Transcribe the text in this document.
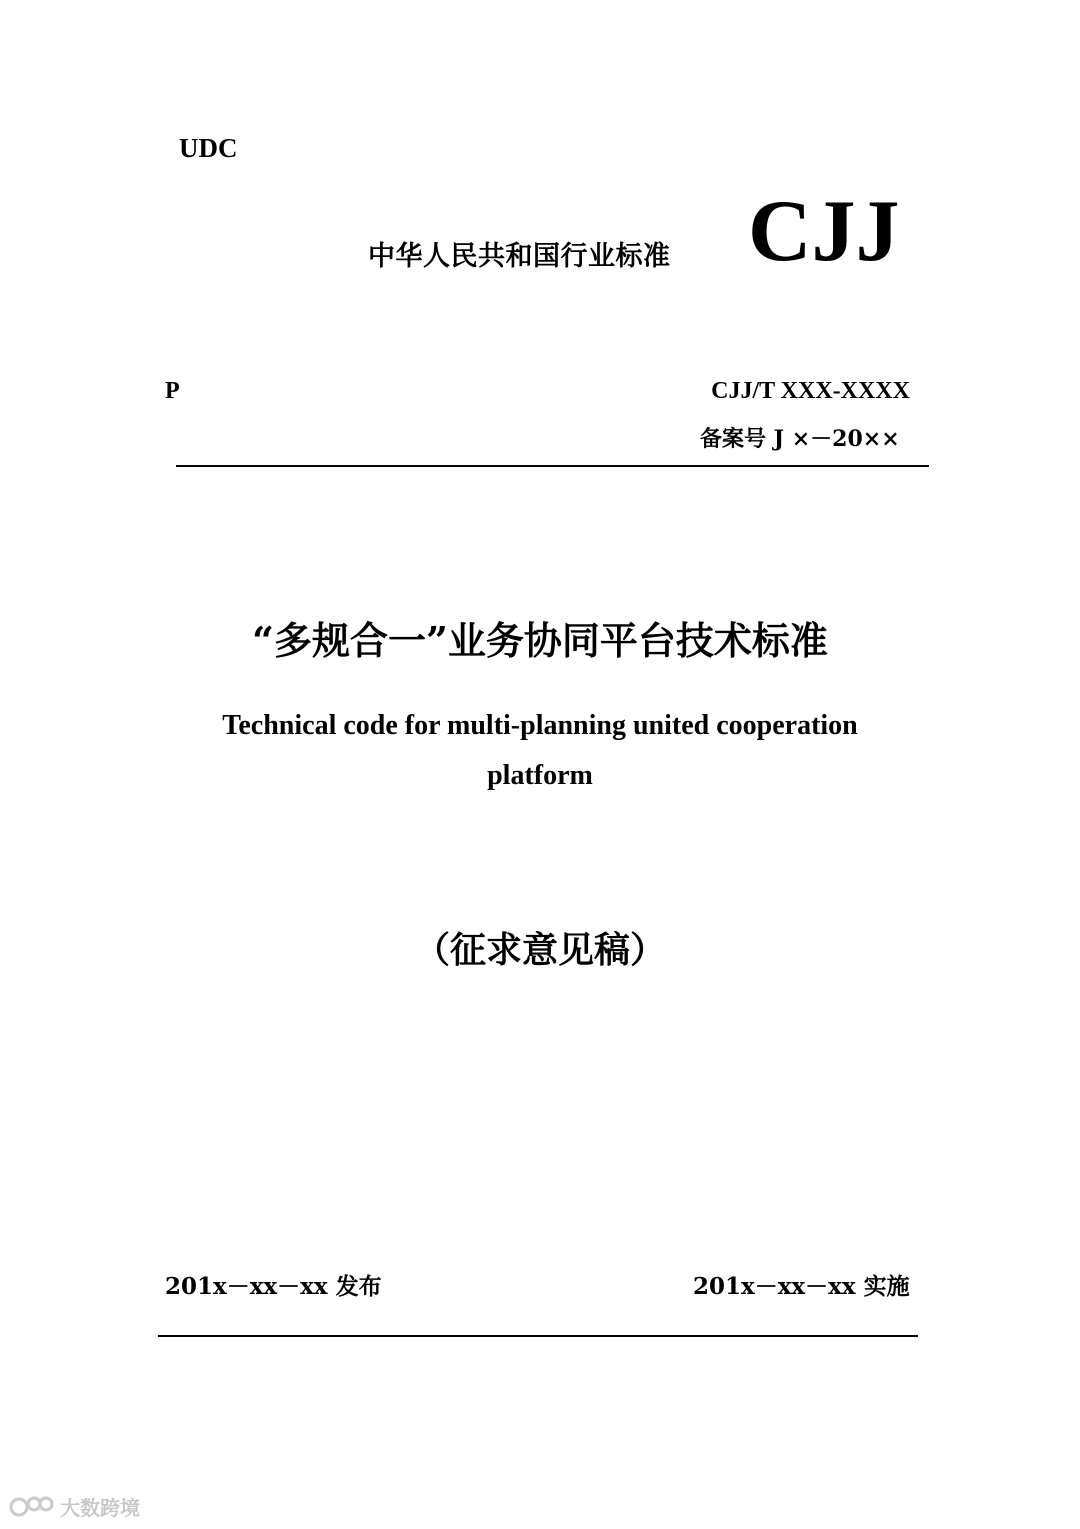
UDC
中华人民共和国行业标准 CJJ
P	CJJ/T XXX-XXXX
备案号 J ×－20××
“多规合一”业务协同平台技术标准
Technical code for multi-planning united cooperation
platform
（征求意见稿）
201x－xx－xx 发布	201x－xx－xx 实施
大数跨境
